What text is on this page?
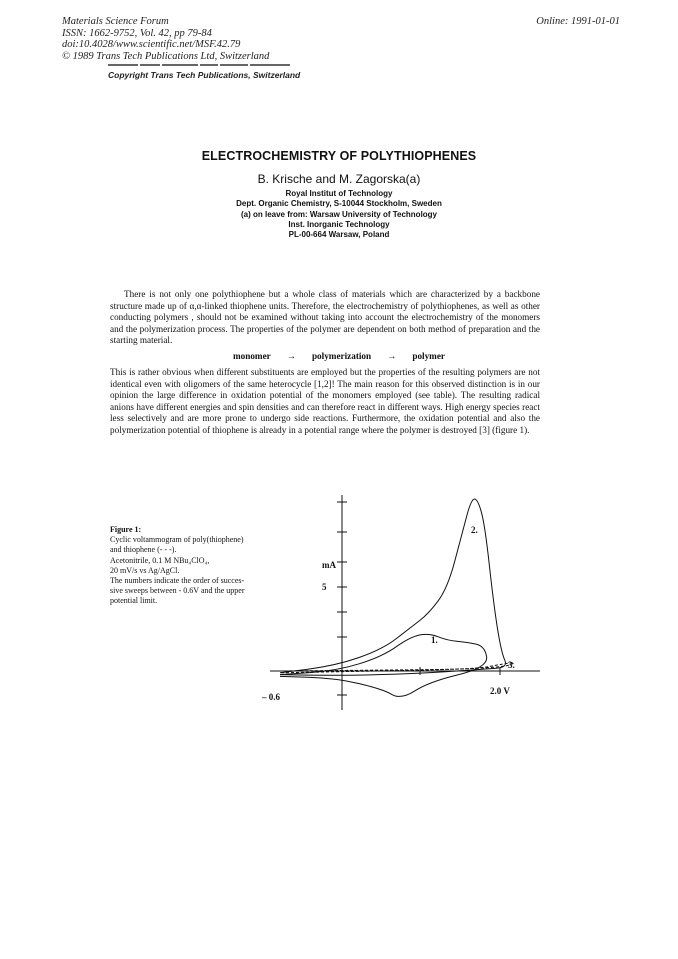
Materials Science Forum
ISSN: 1662-9752, Vol. 42, pp 79-84
doi:10.4028/www.scientific.net/MSF.42.79
© 1989 Trans Tech Publications Ltd, Switzerland
Online: 1991-01-01
Copyright Trans Tech Publications, Switzerland
ELECTROCHEMISTRY OF POLYTHIOPHENES
B. Krische and M. Zagorska(a)
Royal Institut of Technology
Dept. Organic Chemistry, S-10044 Stockholm, Sweden
(a) on leave from: Warsaw University of Technology
Inst. Inorganic Technology
PL-00-664 Warsaw, Poland
There is not only one polythiophene but a whole class of materials which are characterized by a backbone structure made up of α,α-linked thiophene units. Therefore, the electrochemistry of polythiophenes, as well as other conducting polymers , should not be examined without taking into account the electrochemistry of the monomers and the polymerization process. The properties of the polymer are dependent on both method of preparation and the starting material.
monomer → polymerization → polymer
This is rather obvious when different substituents are employed but the properties of the resulting polymers are not identical even with oligomers of the same heterocycle [1,2]! The main reason for this observed distinction is in our opinion the large difference in oxidation potential of the monomers employed (see table). The resulting radical anions have different energies and spin densities and can therefore react in different ways. High energy species react less selectively and are more prone to undergo side reactions. Furthermore, the oxidation potential and also the polymerization potential of thiophene is already in a potential range where the polymer is destroyed [3] (figure 1).
Figure 1:
Cyclic voltammogram of poly(thiophene)
and thiophene (- - -).
Acetonitrile, 0.1 M NBu₄ClO₄,
20 mV/s vs Ag/AgCl.
The numbers indicate the order of succes-
sive sweeps between - 0.6V and the upper
potential limit.
mA
5
– 0.6
2.0 V
1.
2.
3.
